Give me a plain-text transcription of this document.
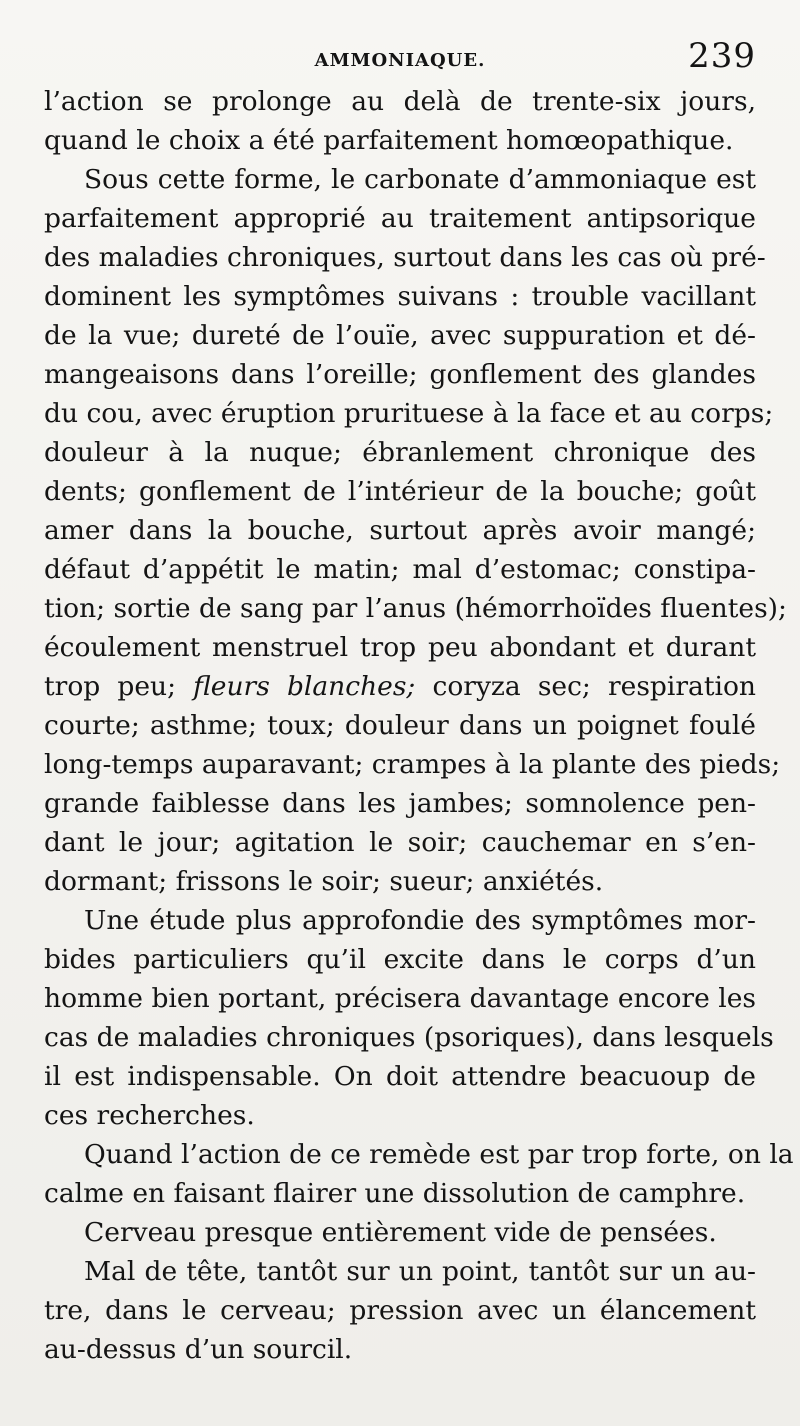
AMMONIAQUE.	239

l’action se prolonge au delà de trente-six jours,
quand le choix a été parfaitement homœopathique.

Sous cette forme, le carbonate d’ammoniaque est
parfaitement approprié au traitement antipsorique
des maladies chroniques, surtout dans les cas où pré-
dominent les symptômes suivans : trouble vacillant
de la vue; dureté de l’ouïe, avec suppuration et dé-
mangeaisons dans l’oreille; gonflement des glandes
du cou, avec éruption prurituese à la face et au corps;
douleur à la nuque; ébranlement chronique des
dents; gonflement de l’intérieur de la bouche; goût
amer dans la bouche, surtout après avoir mangé;
défaut d’appétit le matin; mal d’estomac; constipa-
tion; sortie de sang par l’anus (hémorrhoïdes fluentes);
écoulement menstruel trop peu abondant et durant
trop peu; fleurs blanches; coryza sec; respiration
courte; asthme; toux; douleur dans un poignet foulé
long-temps auparavant; crampes à la plante des pieds;
grande faiblesse dans les jambes; somnolence pen-
dant le jour; agitation le soir; cauchemar en s’en-
dormant; frissons le soir; sueur; anxiétés.

Une étude plus approfondie des symptômes mor-
bides particuliers qu’il excite dans le corps d’un
homme bien portant, précisera davantage encore les
cas de maladies chroniques (psoriques), dans lesquels
il est indispensable. On doit attendre beacuoup de
ces recherches.

Quand l’action de ce remède est par trop forte, on la
calme en faisant flairer une dissolution de camphre.

Cerveau presque entièrement vide de pensées.

Mal de tête, tantôt sur un point, tantôt sur un au-
tre, dans le cerveau; pression avec un élancement
au-dessus d’un sourcil.
